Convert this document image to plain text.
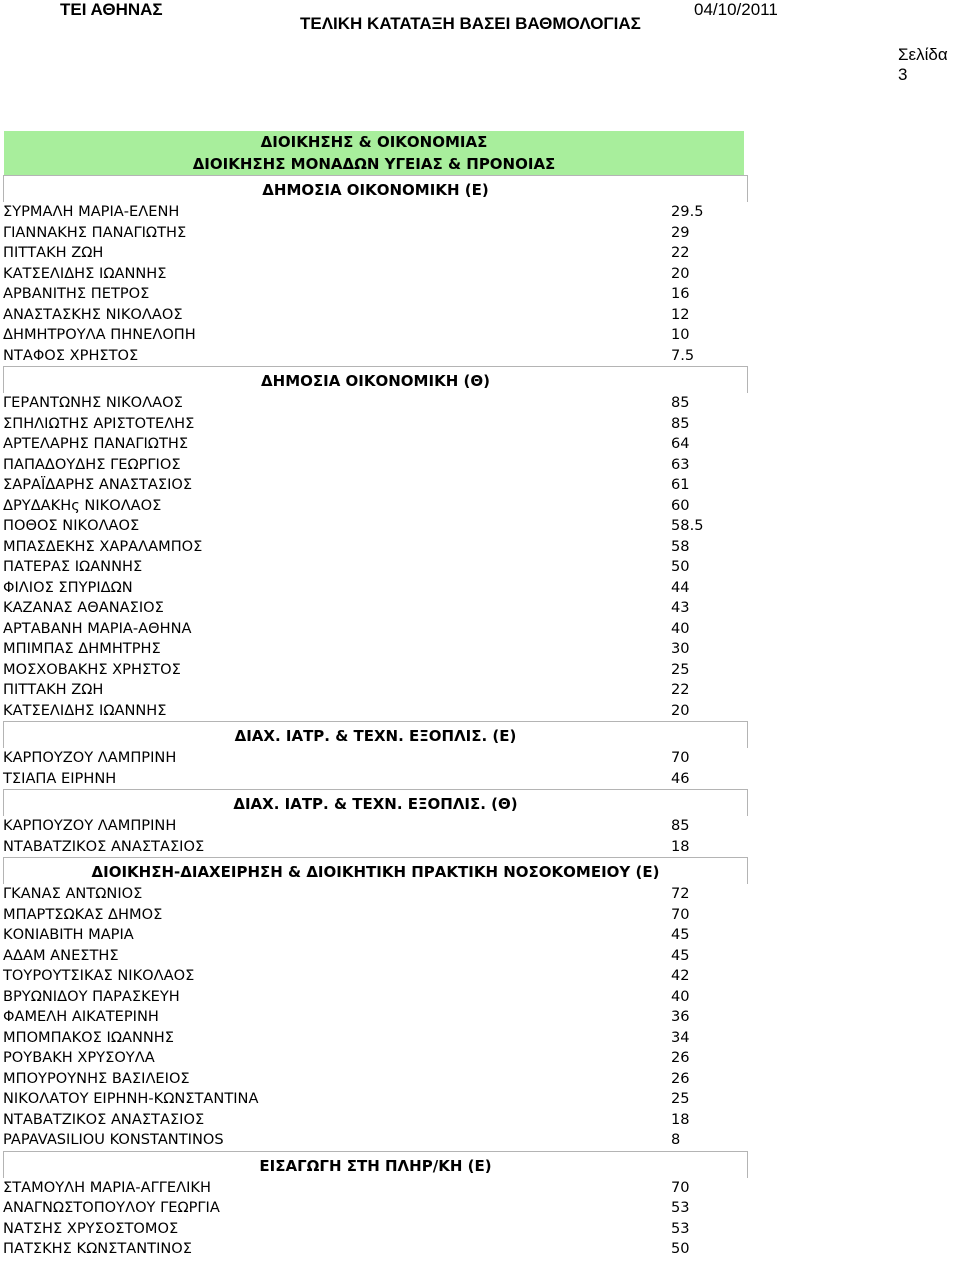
ΤΕΙ ΑΘΗΝΑΣ
ΤΕΛΙΚΗ ΚΑΤΑΤΑΞΗ ΒΑΣΕΙ ΒΑΘΜΟΛΟΓΙΑΣ
04/10/2011
Σελίδα 3
ΔΙΟΙΚΗΣΗΣ & ΟΙΚΟΝΟΜΙΑΣ
ΔΙΟΙΚΗΣΗΣ ΜΟΝΑΔΩΝ ΥΓΕΙΑΣ & ΠΡΟΝΟΙΑΣ
ΔΗΜΟΣΙΑ ΟΙΚΟΝΟΜΙΚΗ (Ε)
ΣΥΡΜΑΛΗ ΜΑΡΙΑ-ΕΛΕΝΗ	29.5
ΓΙΑΝΝΑΚΗΣ ΠΑΝΑΓΙΩΤΗΣ	29
ΠΙΤΤΑΚΗ ΖΩΗ	22
ΚΑΤΣΕΛΙΔΗΣ ΙΩΑΝΝΗΣ	20
ΑΡΒΑΝΙΤΗΣ ΠΕΤΡΟΣ	16
ΑΝΑΣΤΑΣΚΗΣ ΝΙΚΟΛΑΟΣ	12
ΔΗΜΗΤΡΟΥΛΑ ΠΗΝΕΛΟΠΗ	10
ΝΤΑΦΟΣ ΧΡΗΣΤΟΣ	7.5
ΔΗΜΟΣΙΑ ΟΙΚΟΝΟΜΙΚΗ (Θ)
ΓΕΡΑΝΤΩΝΗΣ ΝΙΚΟΛΑΟΣ	85
ΣΠΗΛΙΩΤΗΣ ΑΡΙΣΤΟΤΕΛΗΣ	85
ΑΡΤΕΛΑΡΗΣ ΠΑΝΑΓΙΩΤΗΣ	64
ΠΑΠΑΔΟΥΔΗΣ ΓΕΩΡΓΙΟΣ	63
ΣΑΡΑΪΔΑΡΗΣ ΑΝΑΣΤΑΣΙΟΣ	61
ΔΡΥΔΑΚΗς ΝΙΚΟΛΑΟΣ	60
ΠΟΘΟΣ ΝΙΚΟΛΑΟΣ	58.5
ΜΠΑΣΔΕΚΗΣ ΧΑΡΑΛΑΜΠΟΣ	58
ΠΑΤΕΡΑΣ ΙΩΑΝΝΗΣ	50
ΦΙΛΙΟΣ ΣΠΥΡΙΔΩΝ	44
ΚΑΖΑΝΑΣ ΑΘΑΝΑΣΙΟΣ	43
ΑΡΤΑΒΑΝΗ ΜΑΡΙΑ-ΑΘΗΝΑ	40
ΜΠΙΜΠΑΣ ΔΗΜΗΤΡΗΣ	30
ΜΟΣΧΟΒΑΚΗΣ ΧΡΗΣΤΟΣ	25
ΠΙΤΤΑΚΗ ΖΩΗ	22
ΚΑΤΣΕΛΙΔΗΣ ΙΩΑΝΝΗΣ	20
ΔΙΑΧ. ΙΑΤΡ. & ΤΕΧΝ. ΕΞΟΠΛΙΣ. (Ε)
ΚΑΡΠΟΥΖΟΥ ΛΑΜΠΡΙΝΗ	70
ΤΣΙΑΠΑ ΕΙΡΗΝΗ	46
ΔΙΑΧ. ΙΑΤΡ. & ΤΕΧΝ. ΕΞΟΠΛΙΣ. (Θ)
ΚΑΡΠΟΥΖΟΥ ΛΑΜΠΡΙΝΗ	85
ΝΤΑΒΑΤΖΙΚΟΣ ΑΝΑΣΤΑΣΙΟΣ	18
ΔΙΟΙΚΗΣΗ-ΔΙΑΧΕΙΡΗΣΗ & ΔΙΟΙΚΗΤΙΚΗ ΠΡΑΚΤΙΚΗ ΝΟΣΟΚΟΜΕΙΟΥ (Ε)
ΓΚΑΝΑΣ ΑΝΤΩΝΙΟΣ	72
ΜΠΑΡΤΣΩΚΑΣ ΔΗΜΟΣ	70
ΚΟΝΙΑΒΙΤΗ ΜΑΡΙΑ	45
ΑΔΑΜ ΑΝΕΣΤΗΣ	45
ΤΟΥΡΟΥΤΣΙΚΑΣ ΝΙΚΟΛΑΟΣ	42
ΒΡΥΩΝΙΔΟΥ ΠΑΡΑΣΚΕΥΗ	40
ΦΑΜΕΛΗ ΑΙΚΑΤΕΡΙΝΗ	36
ΜΠΟΜΠΑΚΟΣ ΙΩΑΝΝΗΣ	34
ΡΟΥΒΑΚΗ ΧΡΥΣΟΥΛΑ	26
ΜΠΟΥΡΟΥΝΗΣ ΒΑΣΙΛΕΙΟΣ	26
ΝΙΚΟΛΑΤΟΥ ΕΙΡΗΝΗ-ΚΩΝΣΤΑΝΤΙΝΑ	25
ΝΤΑΒΑΤΖΙΚΟΣ ΑΝΑΣΤΑΣΙΟΣ	18
PAPAVASILIOU KONSTANTINOS	8
ΕΙΣΑΓΩΓΗ ΣΤΗ ΠΛΗΡ/ΚΗ (Ε)
ΣΤΑΜΟΥΛΗ ΜΑΡΙΑ-ΑΓΓΕΛΙΚΗ	70
ΑΝΑΓΝΩΣΤΟΠΟΥΛΟΥ ΓΕΩΡΓΙΑ	53
ΝΑΤΣΗΣ ΧΡΥΣΟΣΤΟΜΟΣ	53
ΠΑΤΣΚΗΣ ΚΩΝΣΤΑΝΤΙΝΟΣ	50
